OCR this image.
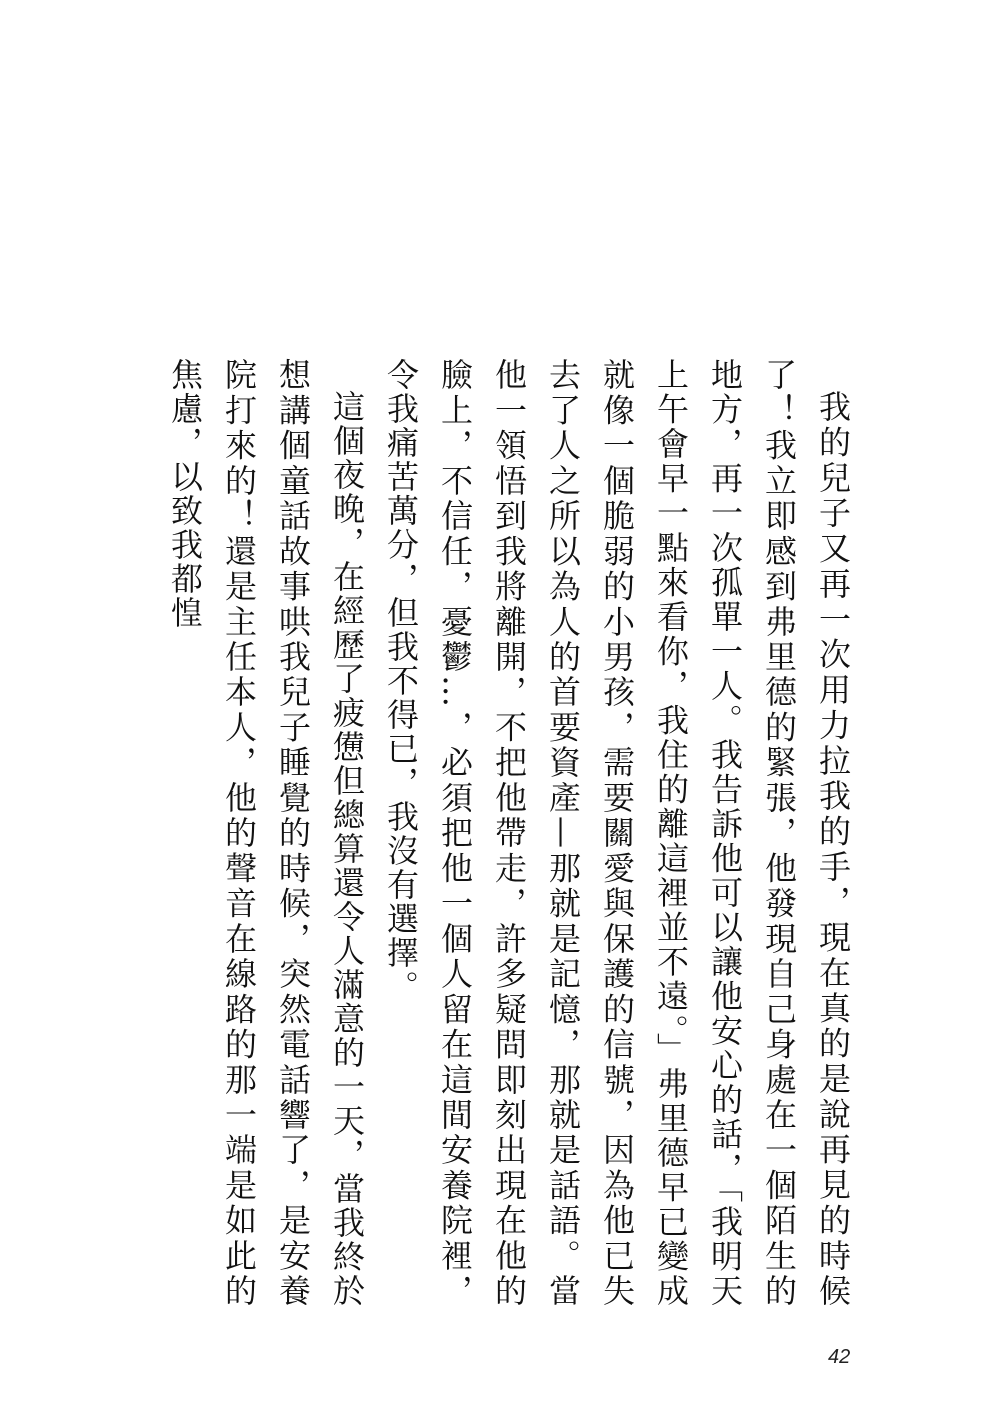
我的兒子又再一次用力拉我的手，現在真的是說再見的時候了！我立即感到弗里德的緊張，他發現自己身處在一個陌生的地方，再一次孤單一人。我告訴他可以讓他安心的話，「我明天上午會早一點來看你，我住的離這裡並不遠。」弗里德早已變成就像一個脆弱的小男孩，需要關愛與保護的信號，因為他已失去了人之所以為人的首要資產—那就是記憶，那就是話語。當他一領悟到我將離開，不把他帶走，許多疑問即刻出現在他的臉上，不信任，憂鬱…，必須把他一個人留在這間安養院裡，令我痛苦萬分，但我不得已，我沒有選擇。

這個夜晚，在經歷了疲憊但總算還令人滿意的一天，當我終於想講個童話故事哄我兒子睡覺的時候，突然電話響了，是安養院打來的！還是主任本人，他的聲音在線路的那一端是如此的焦慮，以致我都惶

42
